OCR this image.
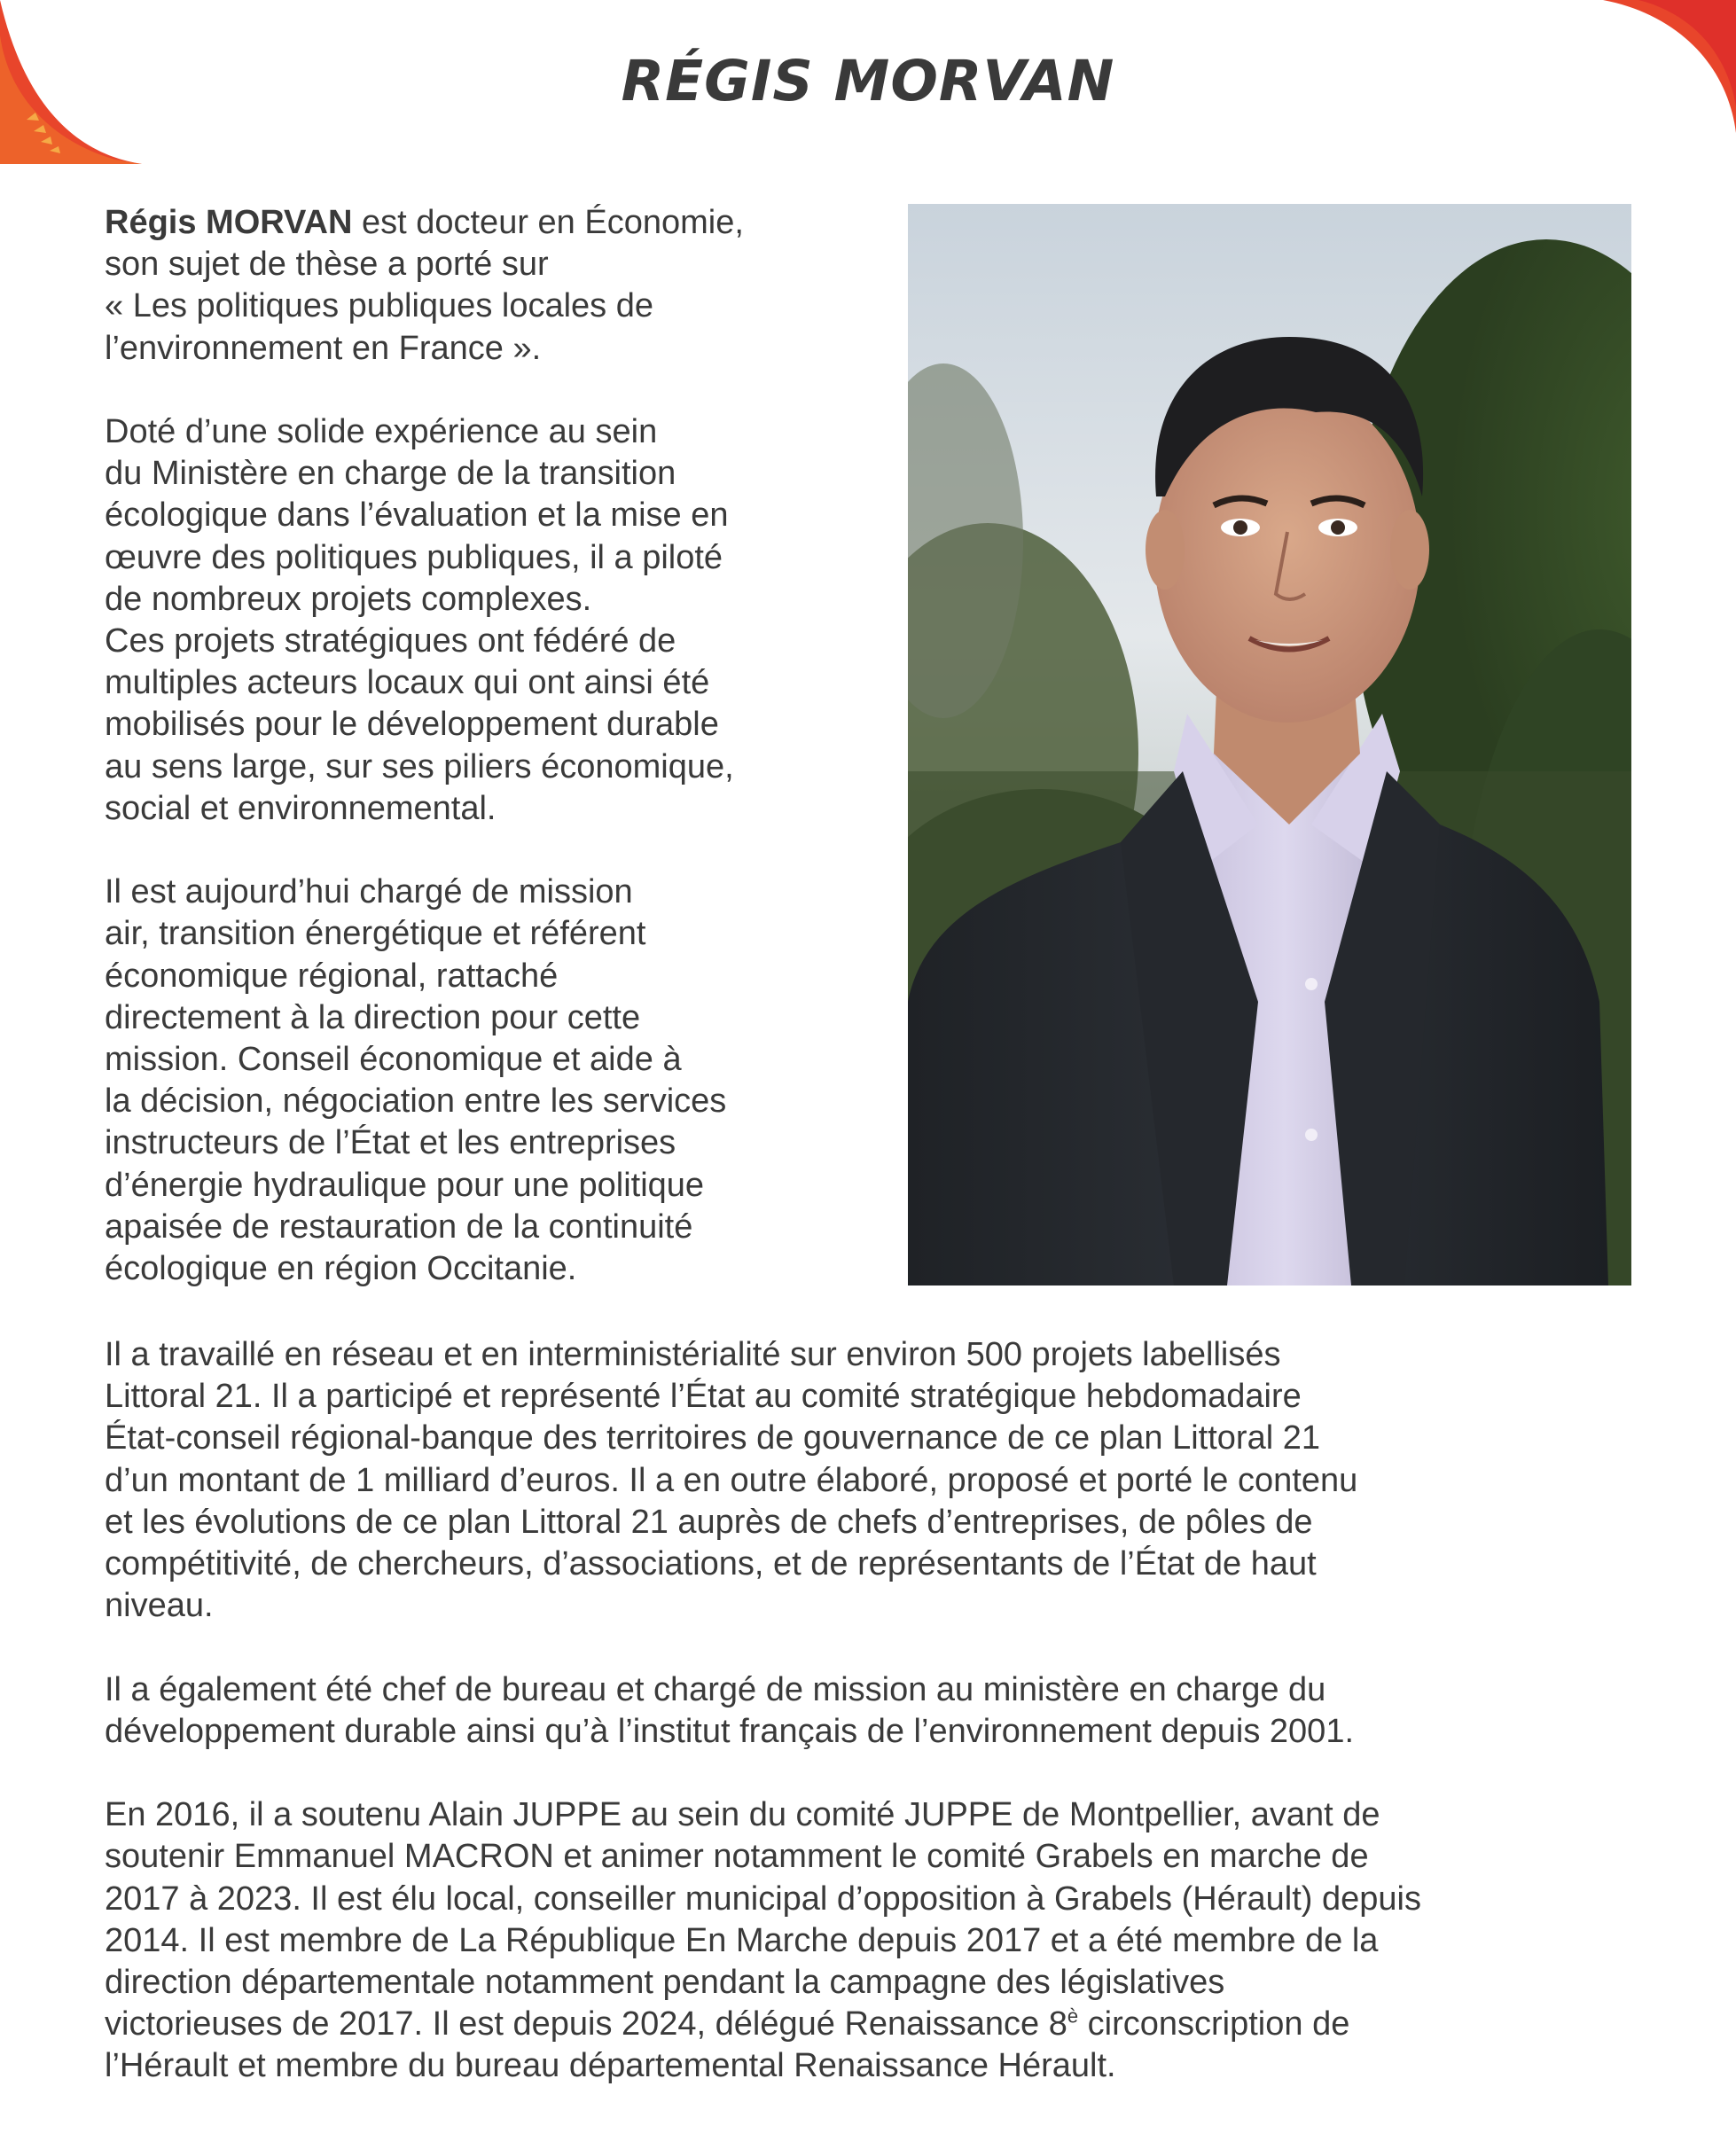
RÉGIS MORVAN

Régis MORVAN est docteur en Économie,
son sujet de thèse a porté sur
« Les politiques publiques locales de
l’environnement en France ».

Doté d’une solide expérience au sein
du Ministère en charge de la transition
écologique dans l’évaluation et la mise en
œuvre des politiques publiques, il a piloté
de nombreux projets complexes.
Ces projets stratégiques ont fédéré de
multiples acteurs locaux qui ont ainsi été
mobilisés pour le développement durable
au sens large, sur ses piliers économique,
social et environnemental.

Il est aujourd’hui chargé de mission
air, transition énergétique et référent
économique régional, rattaché
directement à la direction pour cette
mission. Conseil économique et aide à
la décision, négociation entre les services
instructeurs de l’État et les entreprises
d’énergie hydraulique pour une politique
apaisée de restauration de la continuité
écologique en région Occitanie.

Il a travaillé en réseau et en interministérialité sur environ 500 projets labellisés
Littoral 21. Il a participé et représenté l’État au comité stratégique hebdomadaire
État-conseil régional-banque des territoires de gouvernance de ce plan Littoral 21
d’un montant de 1 milliard d’euros. Il a en outre élaboré, proposé et porté le contenu
et les évolutions de ce plan Littoral 21 auprès de chefs d’entreprises, de pôles de
compétitivité, de chercheurs, d’associations, et de représentants de l’État de haut
niveau.

Il a également été chef de bureau et chargé de mission au ministère en charge du
développement durable ainsi qu’à l’institut français de l’environnement depuis 2001.

En 2016, il a soutenu Alain JUPPE au sein du comité JUPPE de Montpellier, avant de
soutenir Emmanuel MACRON et animer notamment le comité Grabels en marche de
2017 à 2023. Il est élu local, conseiller municipal d’opposition à Grabels (Hérault) depuis
2014. Il est membre de La République En Marche depuis 2017 et a été membre de la
direction départementale notamment pendant la campagne des législatives
victorieuses de 2017. Il est depuis 2024, délégué Renaissance $8^è$ circonscription de
l’Hérault et membre du bureau départemental Renaissance Hérault.
